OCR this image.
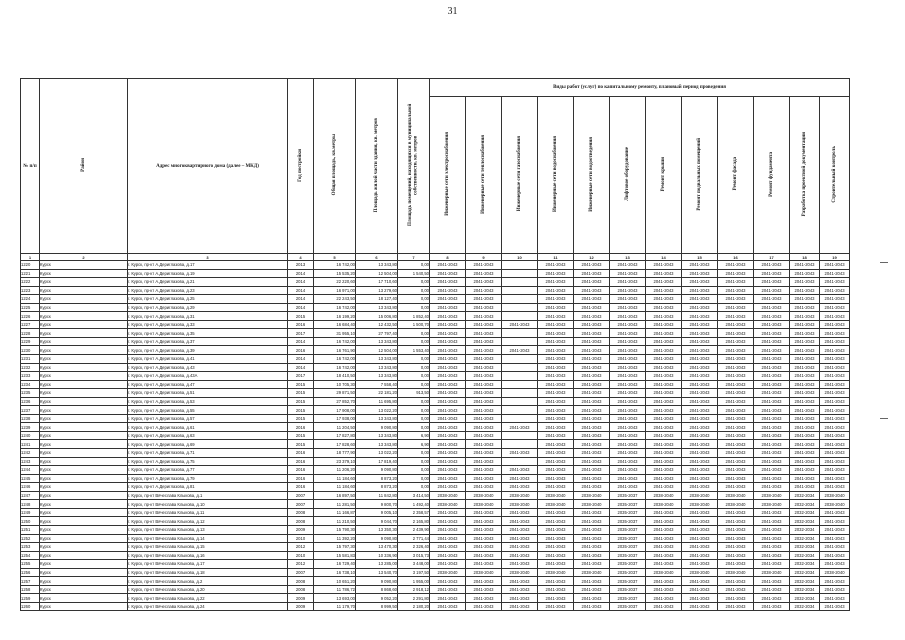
31
№ п/п	Район	Адрес многоквартирного дома (далее – МКД)	Год постройки	Общая площадь, кв.метры	Площадь жилой части здания, кв. метров	Площадь помещений, находящихся в муниципальной собственности, кв. метров	Виды работ (услуг) по капитальному ремонту, плановый период проведения											
							Инженерные сети электроснабжения	Инженерные сети теплоснабжения	Инженерные сети газоснабжения	Инженерные сети водоснабжения	Инженерные сети водоотведения	Лифтовое оборудование	Ремонт крыши	Ремонт подвальных помещений	Ремонт фасада	Ремонт фундамента	Разработка проектной документации	Строительный контроль
1	2	3	4	5	6	7	8	9	10	11	12	13	14	15	16	17	18	19
1220	Курск	г. Курск, пр-кт А.Дериглазова, д.17	2013	16 742,00	13 343,80	0,00	2041-2043	2041-2043		2041-2043	2041-2043	2041-2043	2041-2043	2041-2043	2041-2043	2041-2043	2041-2043	2041-2043
1221	Курск	г. Курск, пр-кт А.Дериглазова, д.19	2014	15 535,20	12 504,00	1 540,50	2041-2043	2041-2043		2041-2043	2041-2043	2041-2043	2041-2043	2041-2043	2041-2043	2041-2043	2041-2043	2041-2043
1222	Курск	г. Курск, пр-кт А.Дериглазова, д.21	2014	22 220,60	17 710,60	0,00	2041-2043	2041-2043		2041-2043	2041-2043	2041-2043	2041-2043	2041-2043	2041-2043	2041-2043	2041-2043	2041-2043
1223	Курск	г. Курск, пр-кт А.Дериглазова, д.23	2014	16 971,00	13 279,60	0,00	2041-2043	2041-2043		2041-2043	2041-2043	2041-2043	2041-2043	2041-2043	2041-2043	2041-2043	2041-2043	2041-2043
1224	Курск	г. Курск, пр-кт А.Дериглазова, д.25	2014	22 243,50	18 127,40	0,00	2041-2043	2041-2043		2041-2043	2041-2043	2041-2043	2041-2043	2041-2043	2041-2043	2041-2043	2041-2043	2041-2043
1225	Курск	г. Курск, пр-кт А.Дериглазова, д.29	2014	16 742,00	13 343,80	0,00	2041-2043	2041-2043		2041-2043	2041-2043	2041-2043	2041-2043	2041-2043	2041-2043	2041-2043	2041-2043	2041-2043
1226	Курск	г. Курск, пр-кт А.Дериглазова, д.31	2015	16 199,20	15 006,80	1 852,40	2041-2043	2041-2043		2041-2043	2041-2043	2041-2043	2041-2043	2041-2043	2041-2043	2041-2043	2041-2043	2041-2043
1227	Курск	г. Курск, пр-кт А.Дериглазова, д.33	2016	16 684,40	12 432,50	1 500,70	2041-2043	2041-2043	2041-2043	2041-2043	2041-2043	2041-2043	2041-2043	2041-2043	2041-2043	2041-2043	2041-2043	2041-2043
1228	Курск	г. Курск, пр-кт А.Дериглазова, д.35	2017	31 955,10	27 797,40	0,00	2041-2043	2041-2043		2041-2043	2041-2043	2041-2043	2041-2043	2041-2043	2041-2043	2041-2043	2041-2043	2041-2043
1229	Курск	г. Курск, пр-кт А.Дериглазова, д.37	2014	16 742,00	13 343,80	0,00	2041-2043	2041-2043		2041-2043	2041-2043	2041-2043	2041-2043	2041-2043	2041-2043	2041-2043	2041-2043	2041-2043
1230	Курск	г. Курск, пр-кт А.Дериглазова, д.39	2016	16 761,90	12 504,00	1 553,40	2041-2043	2041-2043	2041-2043	2041-2043	2041-2043	2041-2043	2041-2043	2041-2043	2041-2043	2041-2043	2041-2043	2041-2043
1231	Курск	г. Курск, пр-кт А.Дериглазова, д.41	2014	16 742,00	13 343,80	0,00	2041-2043	2041-2043		2041-2043	2041-2043	2041-2043	2041-2043	2041-2043	2041-2043	2041-2043	2041-2043	2041-2043
1232	Курск	г. Курск, пр-кт А.Дериглазова, д.43	2014	16 742,00	13 343,80	0,00	2041-2043	2041-2043		2041-2043	2041-2043	2041-2043	2041-2043	2041-2043	2041-2043	2041-2043	2041-2043	2041-2043
1233	Курск	г. Курск, пр-кт А.Дериглазова, д.43А	2017	18 410,50	13 343,80	0,00	2041-2043	2041-2043		2041-2043	2041-2043	2041-2043	2041-2043	2041-2043	2041-2043	2041-2043	2041-2043	2041-2043
1234	Курск	г. Курск, пр-кт А.Дериглазова, д.47	2015	10 705,30	7 558,40	0,00	2041-2043	2041-2043		2041-2043	2041-2043	2041-2043	2041-2043	2041-2043	2041-2043	2041-2043	2041-2043	2041-2043
1235	Курск	г. Курск, пр-кт А.Дериглазова, д.51	2015	29 871,50	22 181,20	913,50	2041-2043	2041-2043		2041-2043	2041-2043	2041-2043	2041-2043	2041-2043	2041-2043	2041-2043	2041-2043	2041-2043
1236	Курск	г. Курск, пр-кт А.Дериглазова, д.53	2015	27 852,70	11 695,80	0,00	2041-2043	2041-2043		2041-2043	2041-2043	2041-2043	2041-2043	2041-2043	2041-2043	2041-2043	2041-2043	2041-2043
1237	Курск	г. Курск, пр-кт А.Дериглазова, д.55	2015	17 908,00	13 022,20	0,00	2041-2043	2041-2043		2041-2043	2041-2043	2041-2043	2041-2043	2041-2043	2041-2043	2041-2043	2041-2043	2041-2043
1238	Курск	г. Курск, пр-кт А.Дериглазова, д.57	2015	17 938,00	13 343,80	0,00	2041-2043	2041-2043		2041-2043	2041-2043	2041-2043	2041-2043	2041-2043	2041-2043	2041-2043	2041-2043	2041-2043
1239	Курск	г. Курск, пр-кт А.Дериглазова, д.61	2016	11 204,50	9 090,80	0,00	2041-2043	2041-2043	2041-2043	2041-2043	2041-2043	2041-2043	2041-2043	2041-2043	2041-2043	2041-2043	2041-2043	2041-2043
1240	Курск	г. Курск, пр-кт А.Дериглазова, д.63	2015	17 827,80	13 343,80	6,90	2041-2043	2041-2043		2041-2043	2041-2043	2041-2043	2041-2043	2041-2043	2041-2043	2041-2043	2041-2043	2041-2043
1241	Курск	г. Курск, пр-кт А.Дериглазова, д.69	2015	17 828,60	13 343,80	6,90	2041-2043	2041-2043		2041-2043	2041-2043	2041-2043	2041-2043	2041-2043	2041-2043	2041-2043	2041-2043	2041-2043
1242	Курск	г. Курск, пр-кт А.Дериглазова, д.71	2016	18 777,90	13 022,20	0,00	2041-2043	2041-2043	2041-2043	2041-2043	2041-2043	2041-2043	2041-2043	2041-2043	2041-2043	2041-2043	2041-2043	2041-2043
1243	Курск	г. Курск, пр-кт А.Дериглазова, д.75	2016	23 379,10	17 819,40	0,00	2041-2043	2041-2043		2041-2043	2041-2043	2041-2043	2041-2043	2041-2043	2041-2043	2041-2043	2041-2043	2041-2043
1244	Курск	г. Курск, пр-кт А.Дериглазова, д.77	2016	11 206,20	9 090,80	0,00	2041-2043	2041-2043	2041-2043	2041-2043	2041-2043	2041-2043	2041-2043	2041-2043	2041-2043	2041-2043	2041-2043	2041-2043
1245	Курск	г. Курск, пр-кт А.Дериглазова, д.79	2016	11 184,60	8 873,20	0,00	2041-2043	2041-2043	2041-2043	2041-2043	2041-2043	2041-2043	2041-2043	2041-2043	2041-2043	2041-2043	2041-2043	2041-2043
1246	Курск	г. Курск, пр-кт А.Дериглазова, д.81	2016	11 184,60	8 873,20	0,00	2041-2043	2041-2043	2041-2043	2041-2043	2041-2043	2041-2043	2041-2043	2041-2043	2041-2043	2041-2043	2041-2043	2041-2043
1247	Курск	г. Курск, пр-кт Вячеслава Клыкова, д.1	2007	16 897,50	11 842,80	3 414,50	2038-2040	2038-2040	2038-2040	2038-2040	2038-2040	2035-2037	2038-2040	2038-2040	2038-2040	2038-2040	2032-2034	2038-2040
1248	Курск	г. Курск, пр-кт Вячеслава Клыкова, д.10	2007	11 281,50	9 800,70	1 492,40	2038-2040	2038-2040	2038-2040	2038-2040	2038-2040	2035-2037	2038-2040	2038-2040	2038-2040	2038-2040	2032-2034	2038-2040
1249	Курск	г. Курск, пр-кт Вячеслава Клыкова, д.11	2008	11 166,87	9 005,10	2 358,57	2041-2043	2041-2043	2041-2043	2041-2043	2041-2043	2035-2037	2041-2043	2041-2043	2041-2043	2041-2043	2032-2034	2041-2043
1250	Курск	г. Курск, пр-кт Вячеслава Клыкова, д.12	2008	11 210,50	9 044,70	2 165,80	2041-2043	2041-2043	2041-2043	2041-2043	2041-2043	2035-2037	2041-2043	2041-2043	2041-2043	2041-2043	2032-2034	2041-2043
1251	Курск	г. Курск, пр-кт Вячеслава Клыкова, д.13	2009	15 790,30	13 350,30	2 439,90	2041-2043	2041-2043	2041-2043	2041-2043	2041-2043	2035-2037	2041-2043	2041-2043	2041-2043	2041-2043	2032-2034	2041-2043
1252	Курск	г. Курск, пр-кт Вячеслава Клыкова, д.14	2010	11 392,20	9 090,80	2 771,44	2041-2043	2041-2043	2041-2043	2041-2043	2041-2043	2035-2037	2041-2043	2041-2043	2041-2043	2041-2043	2032-2034	2041-2043
1253	Курск	г. Курск, пр-кт Вячеслава Клыкова, д.15	2012	15 797,30	13 470,30	2 326,40	2041-2043	2041-2043	2041-2043	2041-2043	2041-2043	2035-2037	2041-2043	2041-2043	2041-2043	2041-2043	2032-2034	2041-2043
1254	Курск	г. Курск, пр-кт Вячеслава Клыкова, д.16	2010	15 581,83	10 336,90	3 015,73	2041-2043	2041-2043	2041-2043	2041-2043	2041-2043	2035-2037	2041-2043	2041-2043	2041-2043	2041-2043	2032-2034	2041-2043
1255	Курск	г. Курск, пр-кт Вячеслава Клыкова, д.17	2012	16 729,40	13 285,00	3 448,00	2041-2043	2041-2043	2041-2043	2041-2043	2041-2043	2035-2037	2041-2043	2041-2043	2041-2043	2041-2043	2032-2034	2041-2043
1256	Курск	г. Курск, пр-кт Вячеслава Клыкова, д.18	2007	16 738,10	13 540,70	3 197,50	2038-2040	2038-2040	2038-2040	2038-2040	2038-2040	2035-2037	2038-2040	2038-2040	2038-2040	2038-2040	2032-2034	2038-2040
1257	Курск	г. Курск, пр-кт Вячеслава Клыкова, д.2	2008	10 651,20	9 090,80	1 955,00	2041-2043	2041-2043	2041-2043	2041-2043	2041-2043	2035-2037	2041-2043	2041-2043	2041-2043	2041-2043	2032-2034	2041-2043
1258	Курск	г. Курск, пр-кт Вячеслава Клыкова, д.20	2008	11 786,72	8 868,60	2 918,12	2041-2043	2041-2043	2041-2043	2041-2043	2041-2043	2035-2037	2041-2043	2041-2043	2041-2043	2041-2043	2032-2034	2041-2043
1259	Курск	г. Курск, пр-кт Вячеслава Клыкова, д.22	2009	13 693,00	9 052,20	2 291,80	2041-2043	2041-2043	2041-2043	2041-2043	2041-2043	2035-2037	2041-2043	2041-2043	2041-2043	2041-2043	2032-2034	2041-2043
1260	Курск	г. Курск, пр-кт Вячеслава Клыкова, д.24	2009	11 179,70	8 999,50	2 180,20	2041-2043	2041-2043	2041-2043	2041-2043	2041-2043	2035-2037	2041-2043	2041-2043	2041-2043	2041-2043	2032-2034	2041-2043
